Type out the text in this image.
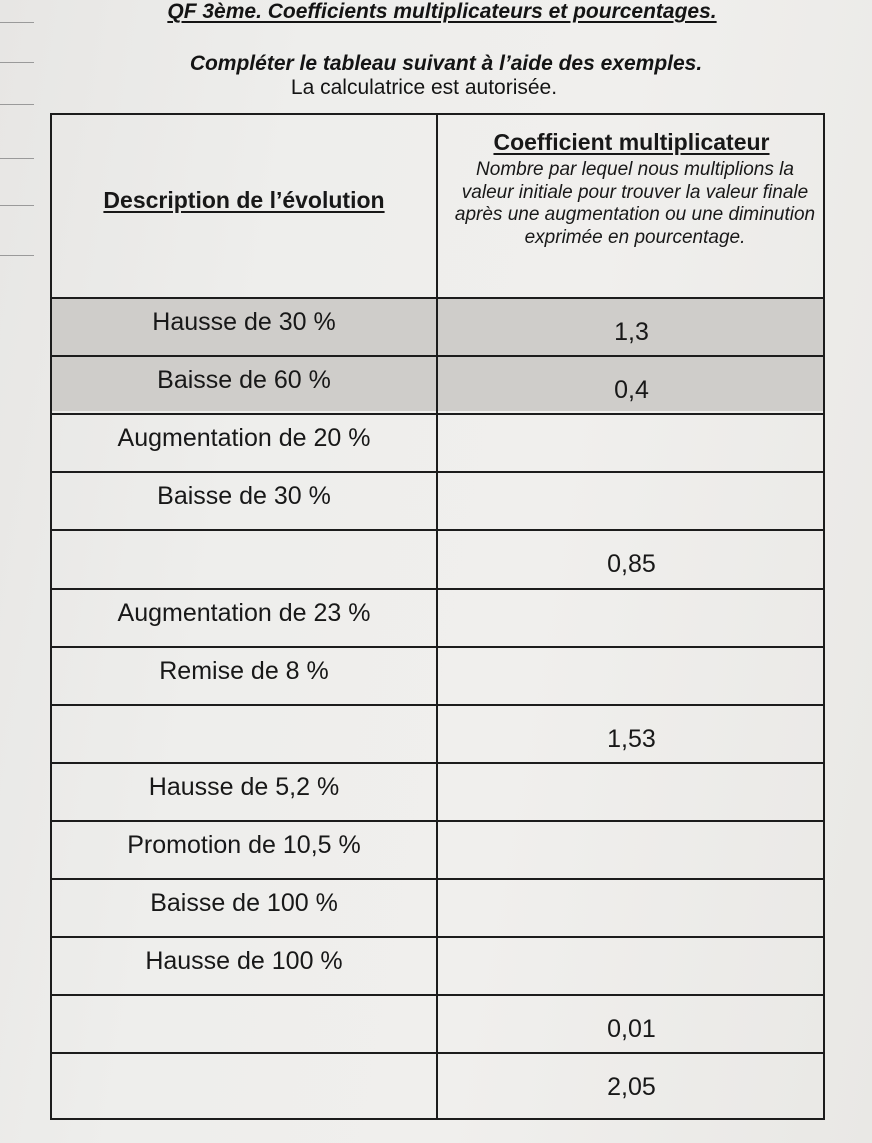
QF 3ème. Coefficients multiplicateurs et pourcentages.
Compléter le tableau suivant à l’aide des exemples.
La calculatrice est autorisée.
Description de l’évolution
Coefficient multiplicateur
Nombre par lequel nous multiplions la valeur initiale pour trouver la valeur finale après une augmentation ou une diminution exprimée en pourcentage.
Hausse de 30 %	1,3
Baisse de 60 %	0,4
Augmentation de 20 %
Baisse de 30 %
0,85
Augmentation de 23 %
Remise de 8 %
1,53
Hausse de 5,2 %
Promotion de 10,5 %
Baisse de 100 %
Hausse de 100 %
0,01
2,05
